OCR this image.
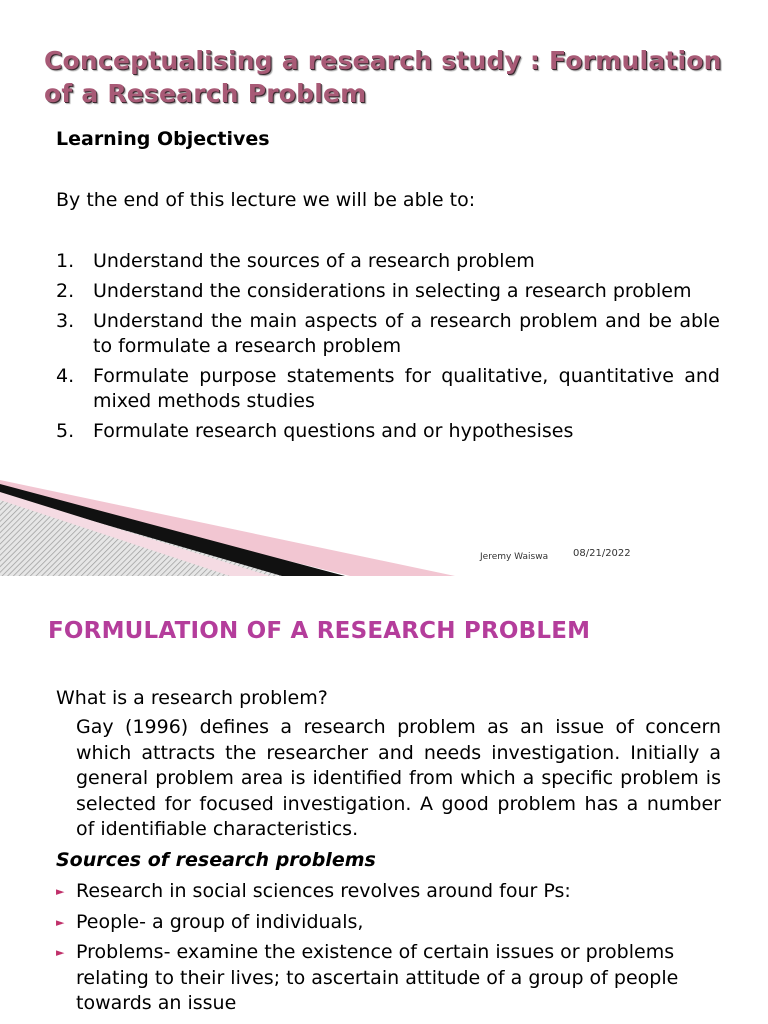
Conceptualising a research study : Formulation of a Research Problem
Learning Objectives
By the end of this lecture we will be able to:
1. Understand the sources of a research problem
2. Understand the considerations in selecting a research problem
3. Understand the main aspects of a research problem and be able to formulate a research problem
4. Formulate purpose statements for qualitative, quantitative and mixed methods studies
5. Formulate research questions and or hypothesises
Jeremy Waiswa 08/21/2022
FORMULATION OF A RESEARCH PROBLEM
What is a research problem?

Gay (1996) defines a research problem as an issue of concern which attracts the researcher and needs investigation. Initially a general problem area is identified from which a specific problem is selected for focused investigation. A good problem has a number of identifiable characteristics.

Sources of research problems
► Research in social sciences revolves around four Ps:
► People- a group of individuals,
► Problems- examine the existence of certain issues or problems relating to their lives; to ascertain attitude of a group of people towards an issue
